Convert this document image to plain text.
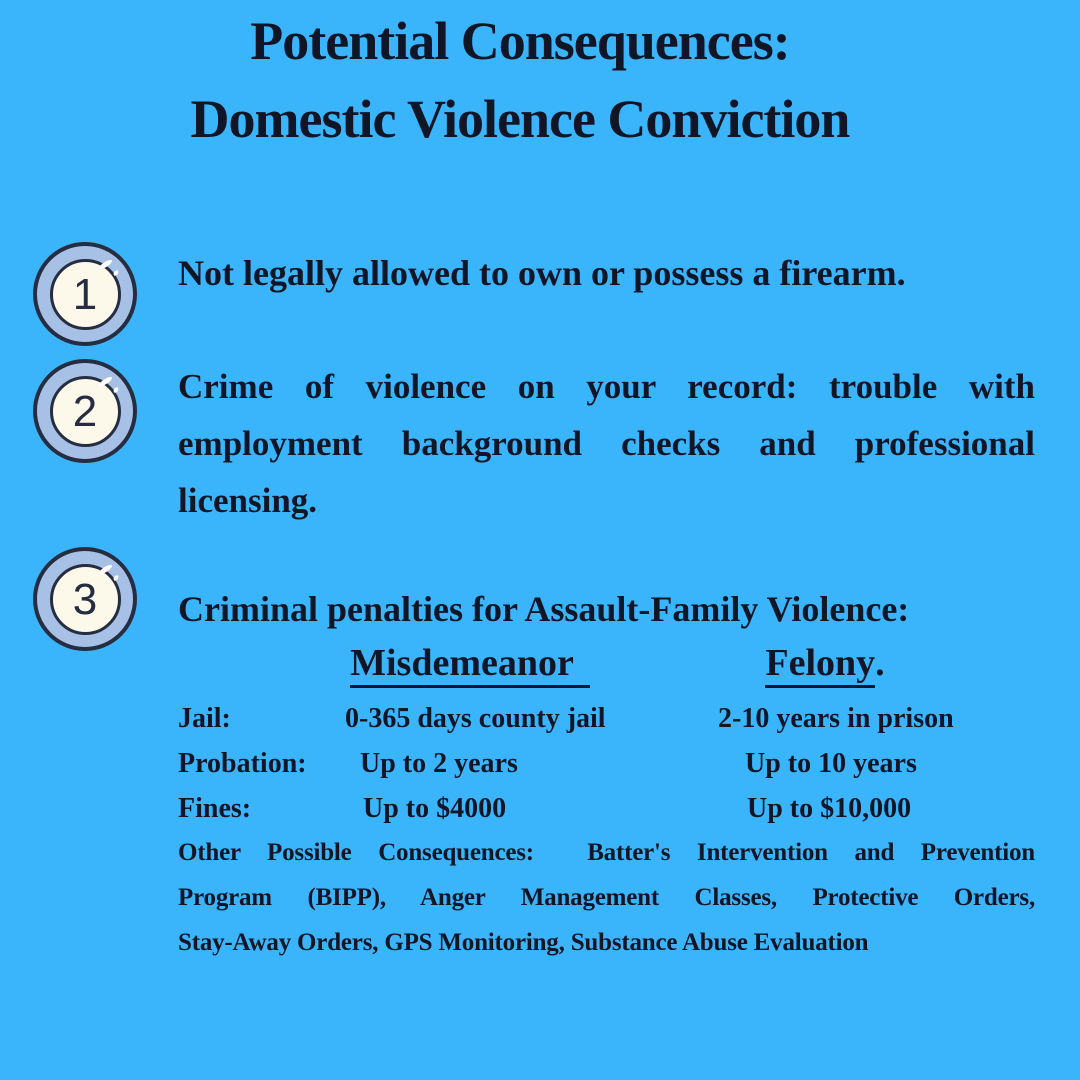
Potential Consequences:
Domestic Violence Conviction
1
2
3
Not legally allowed to own or possess a firearm.
Crime of violence on your record: trouble with
employment background checks and professional
licensing.
Criminal penalties for Assault-Family Violence:
Misdemeanor	Felony.
Jail:	0-365 days county jail	2-10 years in prison
Probation:	Up to 2 years	Up to 10 years
Fines:	Up to $4000	Up to $10,000
Other Possible Consequences:  Batter's Intervention and Prevention
Program (BIPP), Anger Management Classes, Protective Orders,
Stay-Away Orders, GPS Monitoring, Substance Abuse Evaluation
